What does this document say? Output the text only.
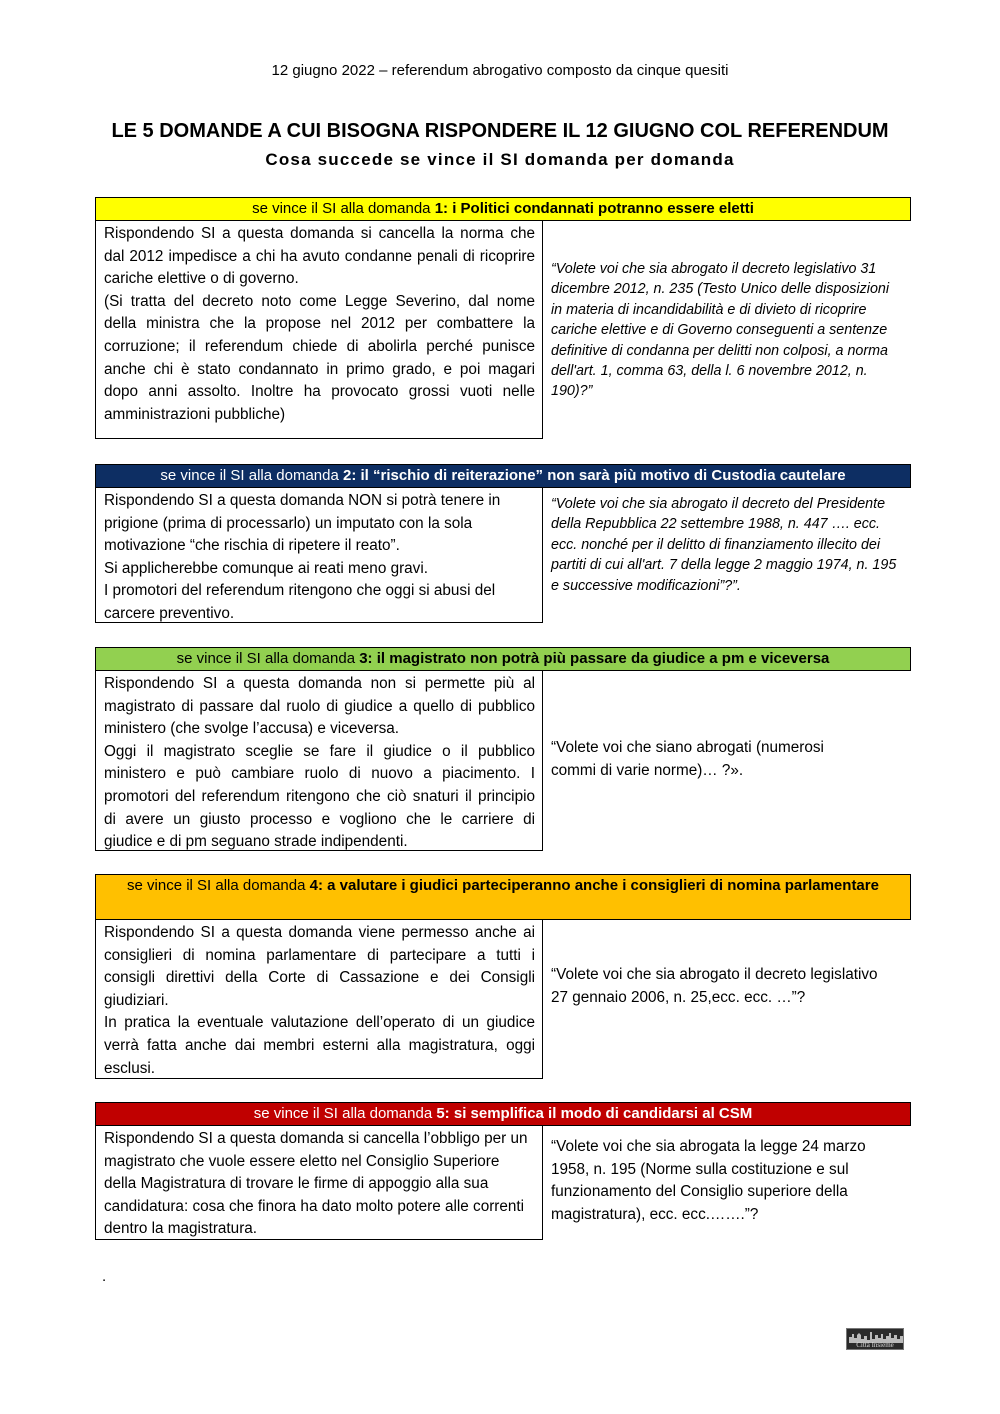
12 giugno 2022 – referendum abrogativo composto da cinque quesiti
LE 5 DOMANDE A CUI BISOGNA RISPONDERE IL 12 GIUGNO COL REFERENDUM
Cosa succede se vince il SI domanda per domanda
se vince il SI alla domanda 1: i Politici condannati potranno essere eletti
Rispondendo SI a questa domanda si cancella la norma che dal 2012 impedisce a chi ha avuto condanne penali di ricoprire cariche elettive o di governo.
(Si tratta del decreto noto come Legge Severino, dal nome della ministra che la propose nel 2012 per combattere la corruzione; il referendum chiede di abolirla perché punisce anche chi è stato condannato in primo grado, e poi magari dopo anni assolto. Inoltre ha provocato grossi vuoti nelle amministrazioni pubbliche)
“Volete voi che sia abrogato il decreto legislativo 31 dicembre 2012, n. 235 (Testo Unico delle disposizioni in materia di incandidabilità e di divieto di ricoprire cariche elettive e di Governo conseguenti a sentenze definitive di condanna per delitti non colposi, a norma dell'art. 1, comma 63, della l. 6 novembre 2012, n. 190)?”
se vince il SI alla domanda 2: il “rischio di reiterazione” non sarà più motivo di Custodia cautelare
Rispondendo SI a questa domanda NON si potrà tenere in prigione (prima di processarlo) un imputato con la sola motivazione “che rischia di ripetere il reato”.
Si applicherebbe comunque ai reati meno gravi.
I promotori del referendum ritengono che oggi si abusi del carcere preventivo.
“Volete voi che sia abrogato il decreto del Presidente della Repubblica 22 settembre 1988, n. 447 …. ecc. ecc. nonché per il delitto di finanziamento illecito dei partiti di cui all'art. 7 della legge 2 maggio 1974, n. 195 e successive modificazioni”?”.
se vince il SI alla domanda 3: il magistrato non potrà più passare da giudice a pm e viceversa
Rispondendo SI a questa domanda non si permette più al magistrato di passare dal ruolo di giudice a quello di pubblico ministero (che svolge l’accusa) e viceversa.
Oggi il magistrato sceglie se fare il giudice o il pubblico ministero e può cambiare ruolo di nuovo a piacimento. I promotori del referendum ritengono che ciò snaturi il principio di avere un giusto processo e vogliono che le carriere di giudice e di pm seguano strade indipendenti.
“Volete voi che siano abrogati (numerosi commi di varie norme)… ?».
se vince il SI alla domanda 4: a valutare i giudici parteciperanno anche i consiglieri di nomina parlamentare
Rispondendo SI a questa domanda viene permesso anche ai consiglieri di nomina parlamentare di partecipare a tutti i consigli direttivi della Corte di Cassazione e dei Consigli giudiziari.
In pratica la eventuale valutazione dell’operato di un giudice verrà fatta anche dai membri esterni alla magistratura, oggi esclusi.
“Volete voi che sia abrogato il decreto legislativo 27 gennaio 2006, n. 25,ecc. ecc. …”?
se vince il SI alla domanda 5: si semplifica il modo di candidarsi al CSM
Rispondendo SI a questa domanda si cancella l’obbligo per un magistrato che vuole essere eletto nel Consiglio Superiore della Magistratura di trovare le firme di appoggio alla sua candidatura: cosa che finora ha dato molto potere alle correnti dentro la magistratura.
“Volete voi che sia abrogata la legge 24 marzo 1958, n. 195 (Norme sulla costituzione e sul funzionamento del Consiglio superiore della magistratura), ecc. ecc.…….”?
.
Città Insieme
